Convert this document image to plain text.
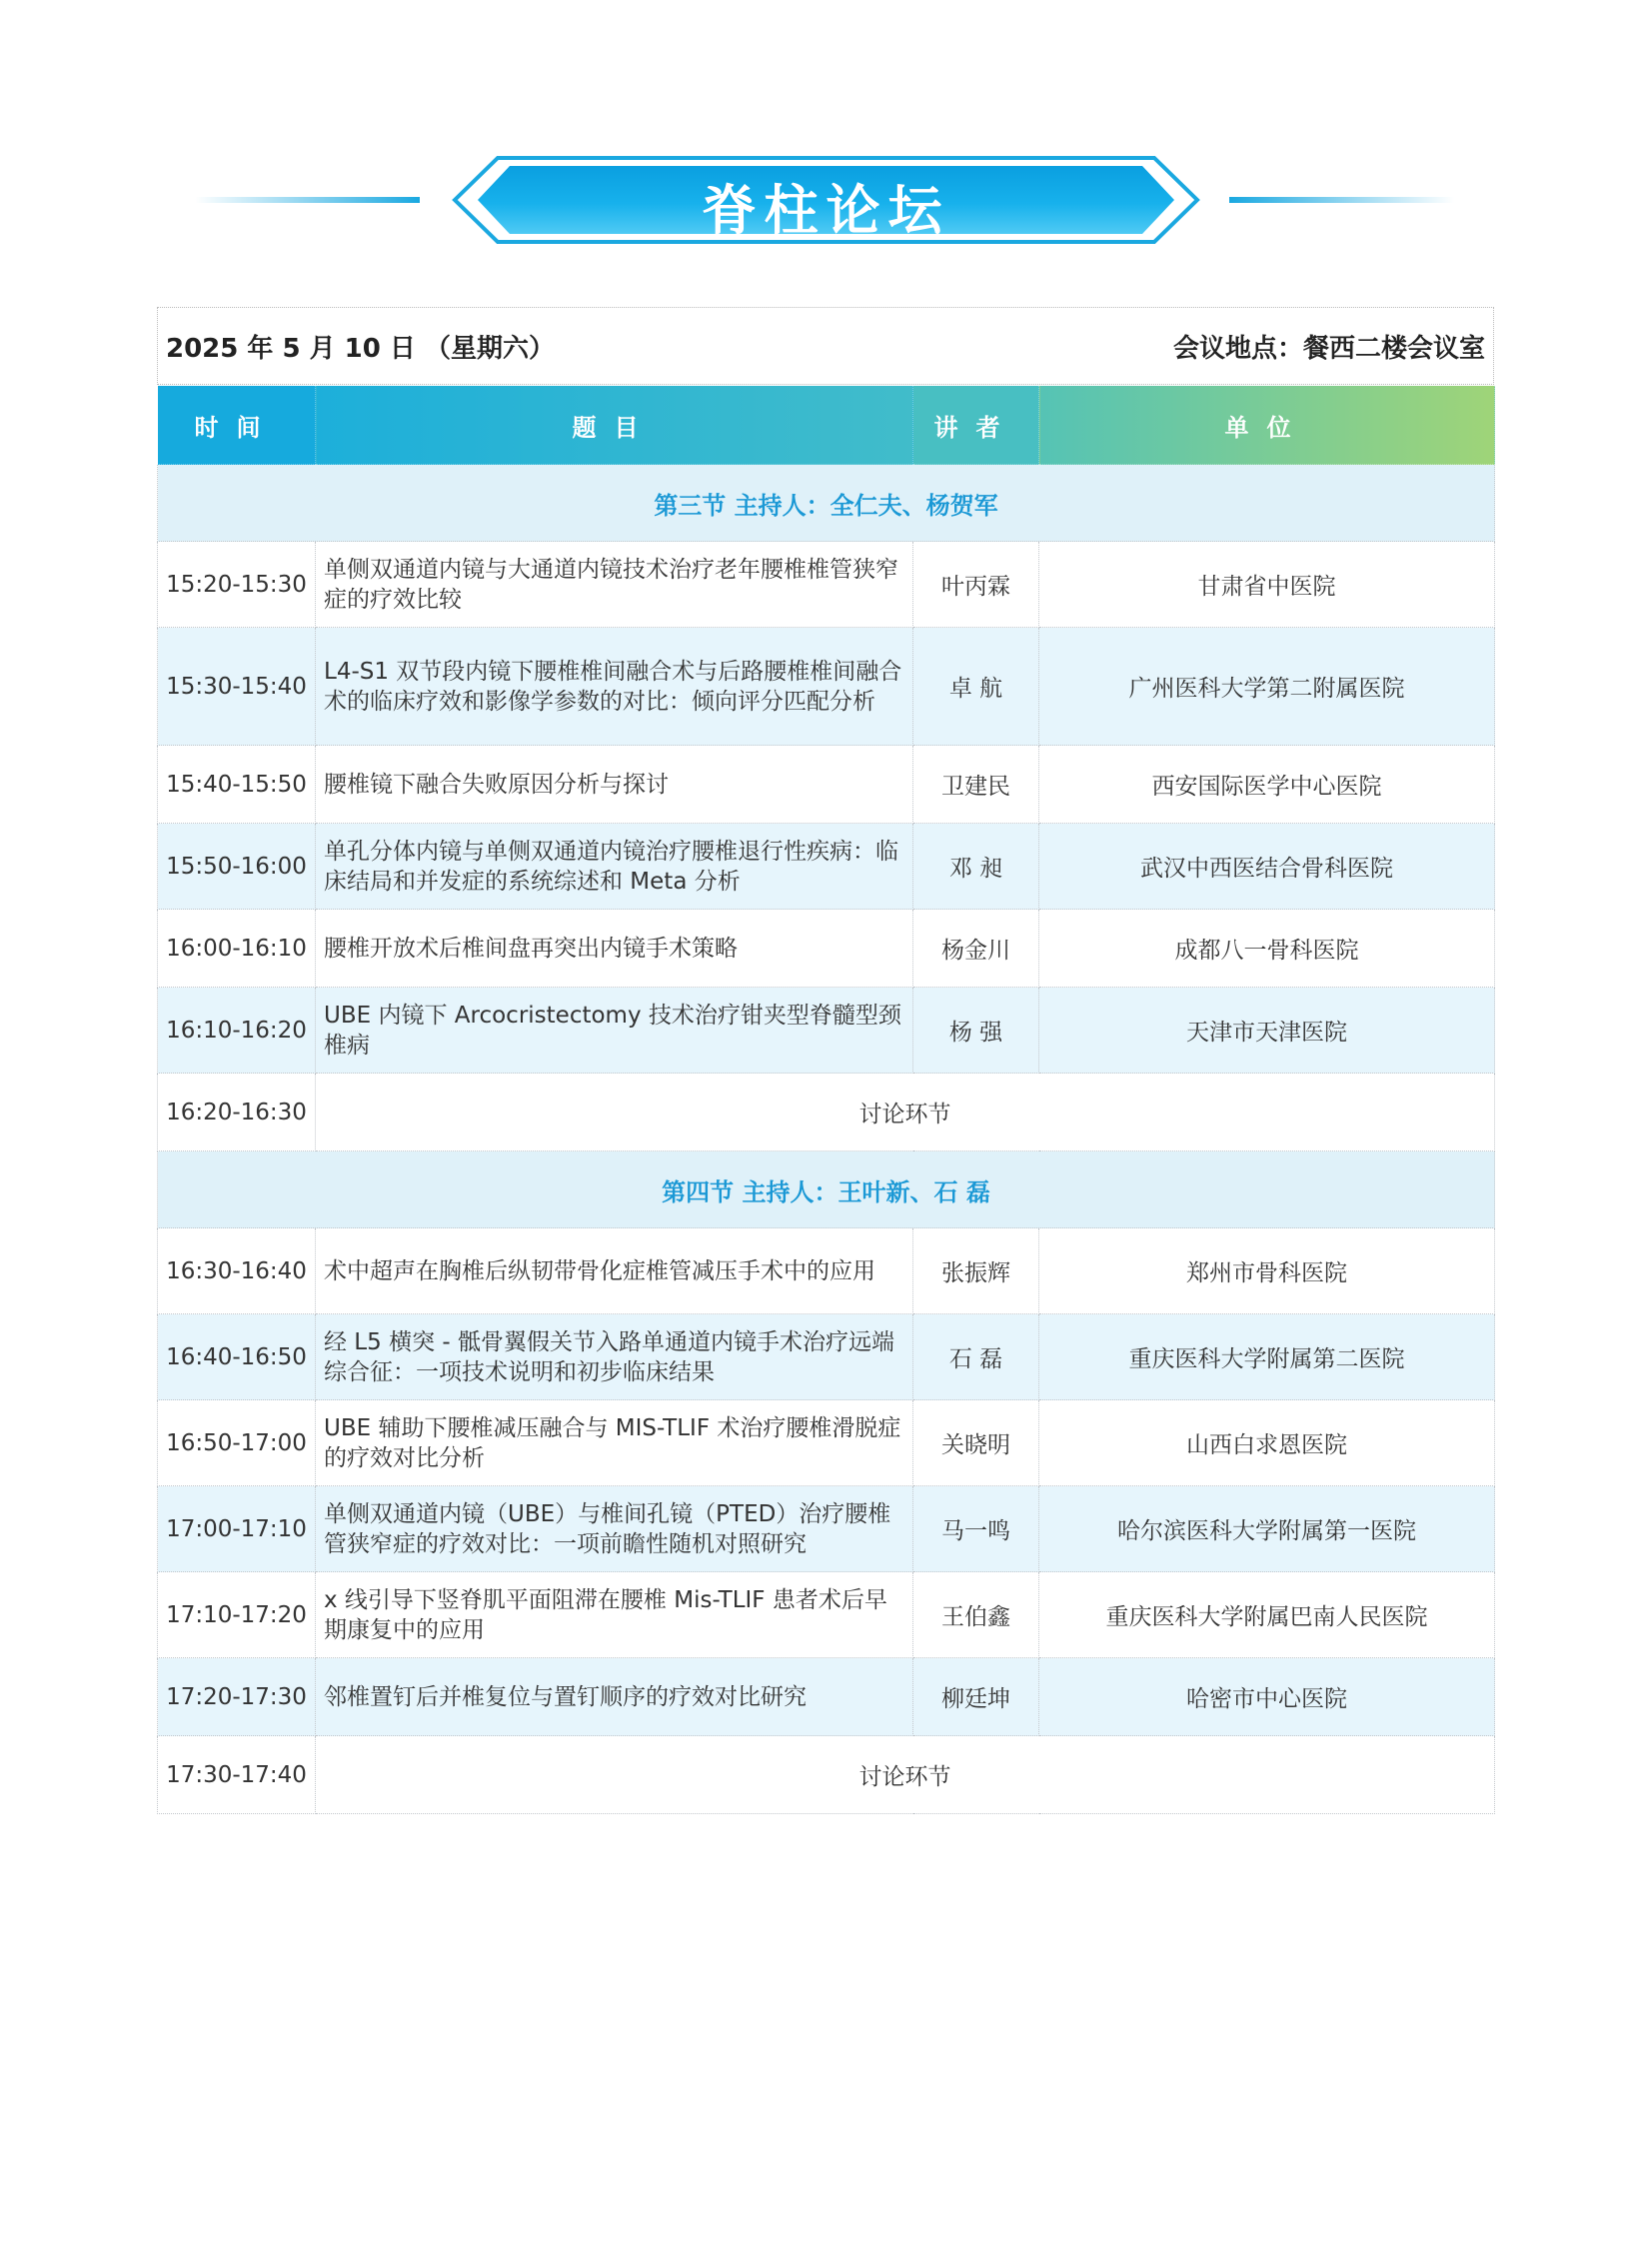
脊柱论坛
2025 年 5 月 10 日 （星期六）	会议地点：餐西二楼会议室
时间	题目	讲者	单位
第三节 主持人：全仁夫、杨贺军			
15:20-15:30	单侧双通道内镜与大通道内镜技术治疗老年腰椎椎管狭窄症的疗效比较	叶丙霖	甘肃省中医院
15:30-15:40	L4-S1 双节段内镜下腰椎椎间融合术与后路腰椎椎间融合术的临床疗效和影像学参数的对比：倾向评分匹配分析	卓 航	广州医科大学第二附属医院
15:40-15:50	腰椎镜下融合失败原因分析与探讨	卫建民	西安国际医学中心医院
15:50-16:00	单孔分体内镜与单侧双通道内镜治疗腰椎退行性疾病：临床结局和并发症的系统综述和 Meta 分析	邓 昶	武汉中西医结合骨科医院
16:00-16:10	腰椎开放术后椎间盘再突出内镜手术策略	杨金川	成都八一骨科医院
16:10-16:20	UBE 内镜下 Arcocristectomy 技术治疗钳夹型脊髓型颈椎病	杨 强	天津市天津医院
16:20-16:30	讨论环节		
第四节 主持人：王叶新、石 磊			
16:30-16:40	术中超声在胸椎后纵韧带骨化症椎管减压手术中的应用	张振辉	郑州市骨科医院
16:40-16:50	经 L5 横突 - 骶骨翼假关节入路单通道内镜手术治疗远端综合征：一项技术说明和初步临床结果	石 磊	重庆医科大学附属第二医院
16:50-17:00	UBE 辅助下腰椎减压融合与 MIS-TLIF 术治疗腰椎滑脱症的疗效对比分析	关晓明	山西白求恩医院
17:00-17:10	单侧双通道内镜（UBE）与椎间孔镜（PTED）治疗腰椎管狭窄症的疗效对比：一项前瞻性随机对照研究	马一鸣	哈尔滨医科大学附属第一医院
17:10-17:20	x 线引导下竖脊肌平面阻滞在腰椎 Mis-TLIF 患者术后早期康复中的应用	王伯鑫	重庆医科大学附属巴南人民医院
17:20-17:30	邻椎置钉后并椎复位与置钉顺序的疗效对比研究	柳廷坤	哈密市中心医院
17:30-17:40	讨论环节		
